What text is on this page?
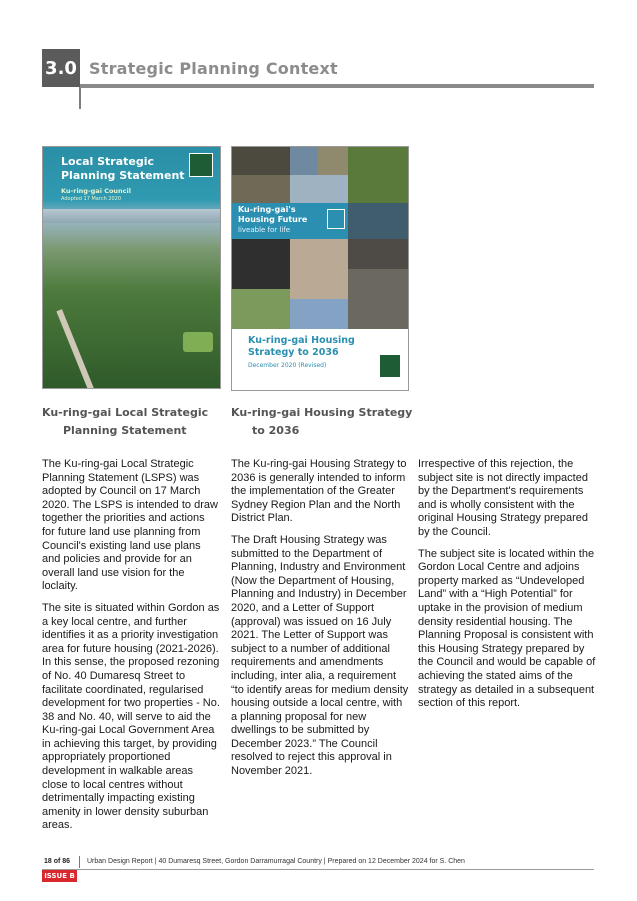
3.0 Strategic Planning Context
Local Strategic Planning Statement
Ku-ring-gai Council
Adopted 17 March 2020
Ku-ring-gai's Housing Future
liveable for life
Ku-ring-gai Housing Strategy to 2036
December 2020 (Revised)
Ku-ring-gai Local Strategic
Planning Statement
Ku-ring-gai Housing Strategy
to 2036

The Ku-ring-gai Local Strategic Planning Statement (LSPS) was adopted by Council on 17 March 2020. The LSPS is intended to draw together the priorities and actions for future land use planning from Council's existing land use plans and policies and provide for an overall land use vision for the loclaity.

The site is situated within Gordon as a key local centre, and further identifies it as a priority investigation area for future housing (2021-2026). In this sense, the proposed rezoning of No. 40 Dumaresq Street to facilitate coordinated, regularised development for two properties - No. 38 and No. 40, will serve to aid the Ku-ring-gai Local Government Area in achieving this target, by providing appropriately proportioned development in walkable areas close to local centres without detrimentally impacting existing amenity in lower density suburban areas.

The Ku-ring-gai Housing Strategy to 2036 is generally intended to inform the implementation of the Greater Sydney Region Plan and the North District Plan.

The Draft Housing Strategy was submitted to the Department of Planning, Industry and Environment (Now the Department of Housing, Planning and Industry) in December 2020, and a Letter of Support (approval) was issued on 16 July 2021. The Letter of Support was subject to a number of additional requirements and amendments including, inter alia, a requirement “to identify areas for medium density housing outside a local centre, with a planning proposal for new dwellings to be submitted by December 2023.” The Council resolved to reject this approval in November 2021.

Irrespective of this rejection, the subject site is not directly impacted by the Department's requirements and is wholly consistent with the original Housing Strategy prepared by the Council.

The subject site is located within the Gordon Local Centre and adjoins property marked as “Undeveloped Land” with a “High Potential” for uptake in the provision of medium density residential housing. The Planning Proposal is consistent with this Housing Strategy prepared by the Council and would be capable of achieving the stated aims of the strategy as detailed in a subsequent section of this report.

18 of 86 Urban Design Report | 40 Dumaresq Street, Gordon Darramurragal Country | Prepared on 12 December 2024 for S. Chen
ISSUE B
